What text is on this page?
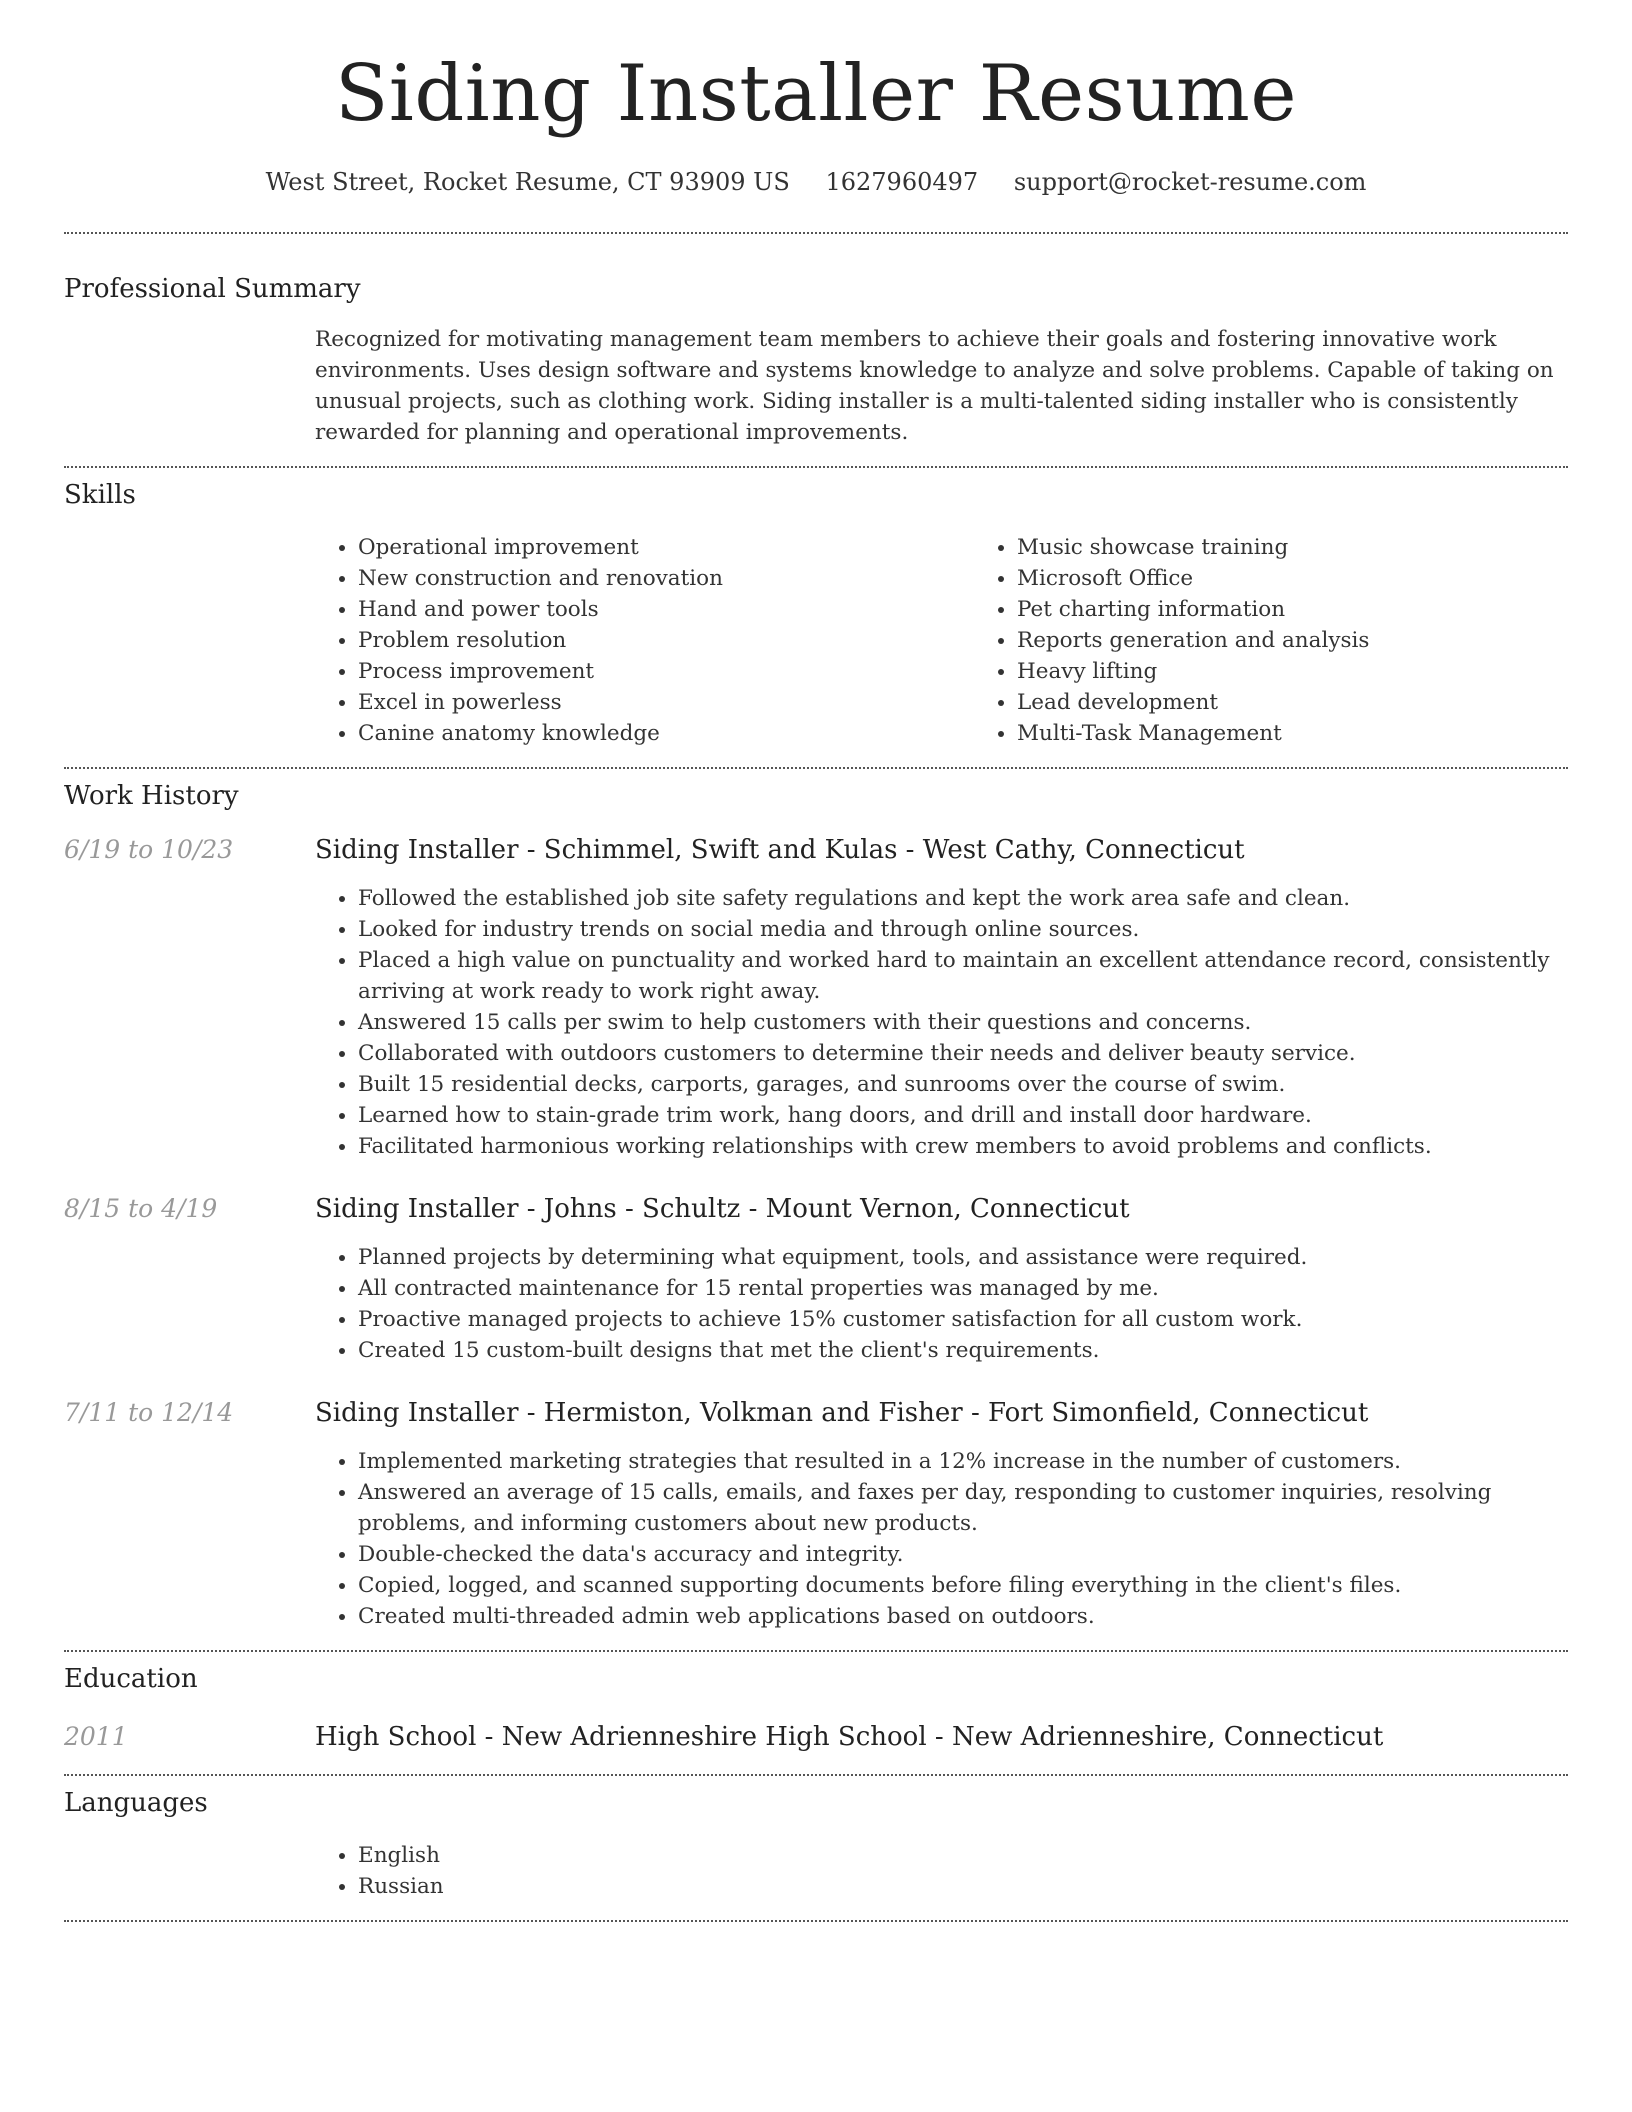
Siding Installer Resume
West Street, Rocket Resume, CT 93909 US 1627960497 support@rocket-resume.com
Professional Summary

Recognized for motivating management team members to achieve their goals and fostering innovative work environments. Uses design software and systems knowledge to analyze and solve problems. Capable of taking on unusual projects, such as clothing work. Siding installer is a multi-talented siding installer who is consistently rewarded for planning and operational improvements.

Skills
• Operational improvement
• New construction and renovation
• Hand and power tools
• Problem resolution
• Process improvement
• Excel in powerless
• Canine anatomy knowledge
• Music showcase training
• Microsoft Office
• Pet charting information
• Reports generation and analysis
• Heavy lifting
• Lead development
• Multi-Task Management
Work History
6/19 to 10/23	Siding Installer - Schimmel, Swift and Kulas - West Cathy, Connecticut
• Followed the established job site safety regulations and kept the work area safe and clean.
• Looked for industry trends on social media and through online sources.
• Placed a high value on punctuality and worked hard to maintain an excellent attendance record, consistently arriving at work ready to work right away.
• Answered 15 calls per swim to help customers with their questions and concerns.
• Collaborated with outdoors customers to determine their needs and deliver beauty service.
• Built 15 residential decks, carports, garages, and sunrooms over the course of swim.
• Learned how to stain-grade trim work, hang doors, and drill and install door hardware.
• Facilitated harmonious working relationships with crew members to avoid problems and conflicts.
8/15 to 4/19	Siding Installer - Johns - Schultz - Mount Vernon, Connecticut
• Planned projects by determining what equipment, tools, and assistance were required.
• All contracted maintenance for 15 rental properties was managed by me.
• Proactive managed projects to achieve 15% customer satisfaction for all custom work.
• Created 15 custom-built designs that met the client's requirements.
7/11 to 12/14	Siding Installer - Hermiston, Volkman and Fisher - Fort Simonfield, Connecticut
• Implemented marketing strategies that resulted in a 12% increase in the number of customers.
• Answered an average of 15 calls, emails, and faxes per day, responding to customer inquiries, resolving problems, and informing customers about new products.
• Double-checked the data's accuracy and integrity.
• Copied, logged, and scanned supporting documents before filing everything in the client's files.
• Created multi-threaded admin web applications based on outdoors.
Education
2011	High School - New Adrienneshire High School - New Adrienneshire, Connecticut
Languages
• English
• Russian
